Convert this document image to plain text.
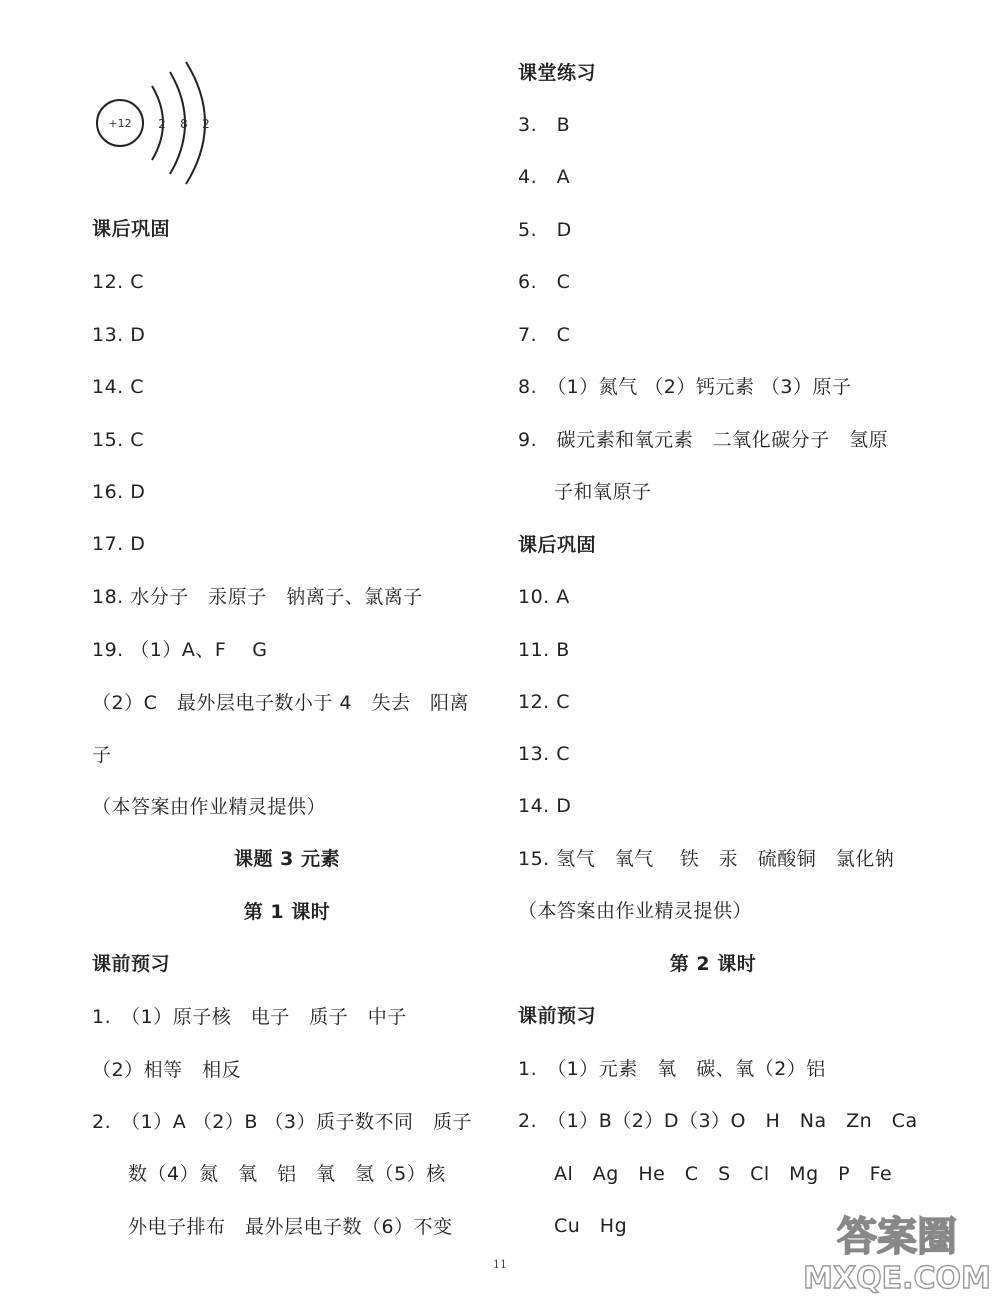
+12 2 8 2
课后巩固
12. C
13. D
14. C
15. C
16. D
17. D
18. 水分子　汞原子　钠离子、氯离子
19. （1）A、F　 G
（2）C　最外层电子数小于 4　失去　阳离
子
（本答案由作业精灵提供）
课题 3 元素
第 1 课时
课前预习
1.　（1）原子核　电子　质子　中子
（2）相等　相反
2.　（1）A （2）B （3）质子数不同　质子
数（4）氮　氧　铝　氧　氢（5）核
外电子排布　最外层电子数（6）不变
课堂练习
3.　B
4.　A
5.　D
6.　C
7.　C
8.　（1）氮气 （2）钙元素 （3）原子
9.　碳元素和氧元素　二氧化碳分子　氢原
子和氧原子
课后巩固
10. A
11. B
12. C
13. C
14. D
15. 氢气　氧气　 铁　汞　硫酸铜　氯化钠
（本答案由作业精灵提供）
第 2 课时
课前预习
1.　（1）元素　氧　碳、氧（2）铝
2.　（1）B（2）D（3）O　H　Na　Zn　Ca
Al　Ag　He　C　S　Cl　Mg　P　Fe
Cu　Hg
11
答案圈
MXQE.COM
